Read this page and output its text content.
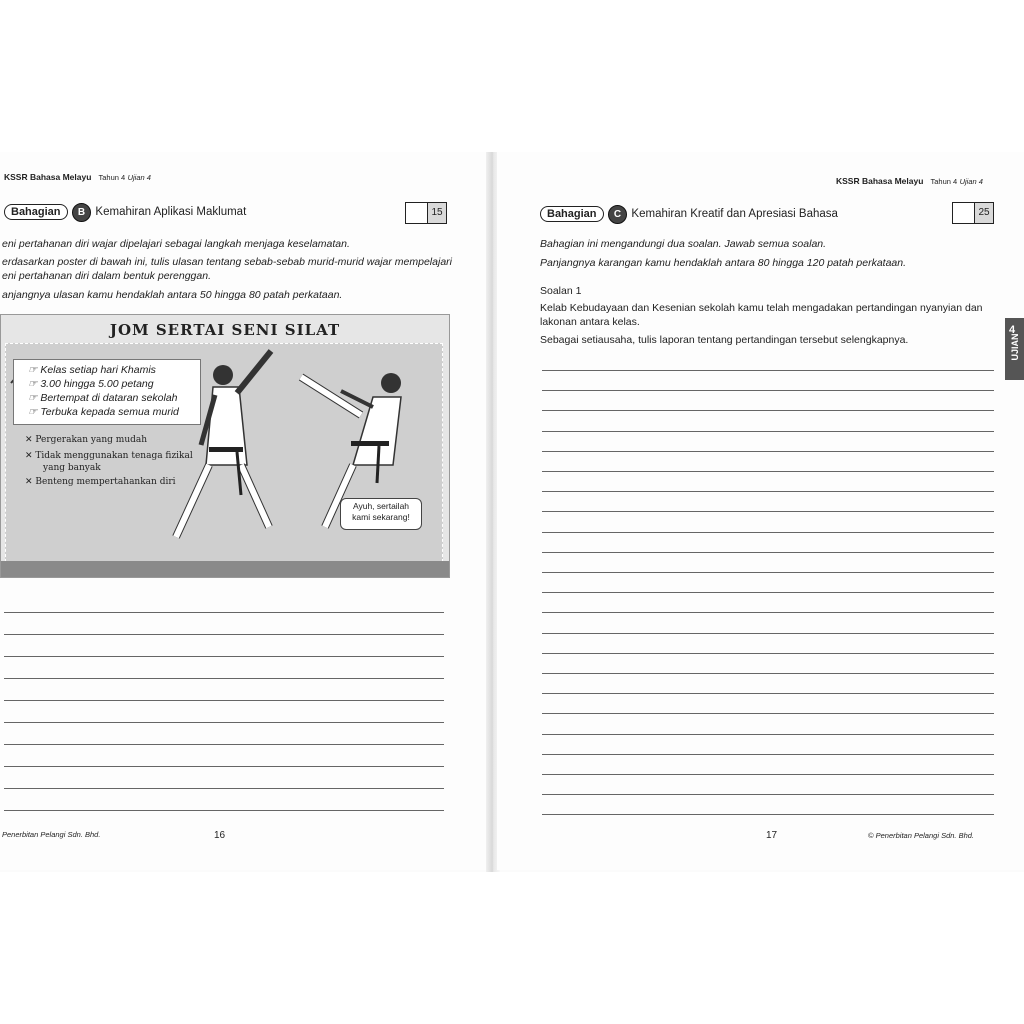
KSSR Bahasa Melayu Tahun 4 Ujian 4
Bahagian B Kemahiran Aplikasi Maklumat	15
eni pertahanan diri wajar dipelajari sebagai langkah menjaga keselamatan.
erdasarkan poster di bawah ini, tulis ulasan tentang sebab-sebab murid-murid wajar mempelajari
eni pertahanan diri dalam bentuk perenggan.
anjangnya ulasan kamu hendaklah antara 50 hingga 80 patah perkataan.
JOM SERTAI SENI SILAT
☞ Kelas setiap hari Khamis
☞ 3.00 hingga 5.00 petang
☞ Bertempat di dataran sekolah
☞ Terbuka kepada semua murid
✕ Pergerakan yang mudah
✕ Tidak menggunakan tenaga fizikal
yang banyak
✕ Benteng mempertahankan diri
Ayuh, sertailah
kami sekarang!
Penerbitan Pelangi Sdn. Bhd.	16
KSSR Bahasa Melayu Tahun 4 Ujian 4
Bahagian C Kemahiran Kreatif dan Apresiasi Bahasa	25
Bahagian ini mengandungi dua soalan. Jawab semua soalan.
Panjangnya karangan kamu hendaklah antara 80 hingga 120 patah perkataan.
Soalan 1
Kelab Kebudayaan dan Kesenian sekolah kamu telah mengadakan pertandingan nyanyian dan
lakonan antara kelas.
Sebagai setiausaha, tulis laporan tentang pertandingan tersebut selengkapnya.
4
UJIAN
17	© Penerbitan Pelangi Sdn. Bhd.
